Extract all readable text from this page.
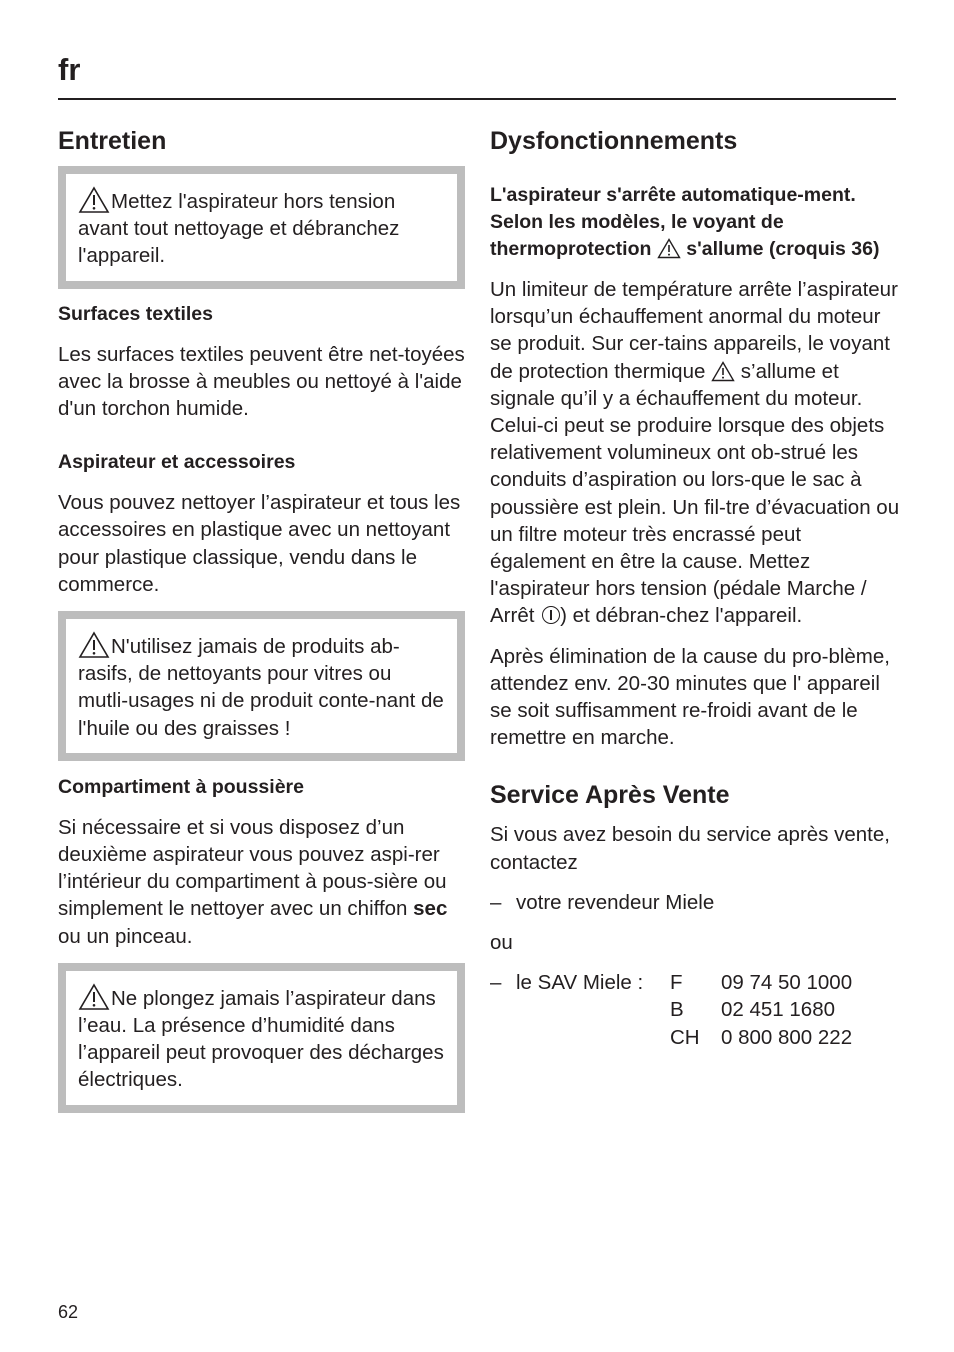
fr
Entretien

Mettez l'aspirateur hors tension avant tout nettoyage et débranchez l'appareil.

Surfaces textiles

Les surfaces textiles peuvent être net-toyées avec la brosse à meubles ou nettoyé à l'aide d'un torchon humide.

Aspirateur et accessoires

Vous pouvez nettoyer l’aspirateur et tous les accessoires en plastique avec un nettoyant pour plastique classique, vendu dans le commerce.

N'utilisez jamais de produits ab-rasifs, de nettoyants pour vitres ou mutli-usages ni de produit conte-nant de l'huile ou des graisses !

Compartiment à poussière

Si nécessaire et si vous disposez d’un deuxième aspirateur vous pouvez aspi-rer l’intérieur du compartiment à pous-sière ou simplement le nettoyer avec un chiffon sec ou un pinceau.

Ne plongez jamais l’aspirateur dans l’eau. La présence d’humidité dans l’appareil peut provoquer des décharges électriques.

Dysfonctionnements
L'aspirateur s'arrête automatique-ment.
Selon les modèles, le voyant de thermoprotection s'allume (croquis 36)

Un limiteur de température arrête l’aspirateur lorsqu’un échauffement anormal du moteur se produit. Sur cer-tains appareils, le voyant de protection thermique s’allume et signale qu’il y a échauffement du moteur.
Celui-ci peut se produire lorsque des objets relativement volumineux ont ob-strué les conduits d’aspiration ou lors-que le sac à poussière est plein. Un fil-tre d’évacuation ou un filtre moteur très encrassé peut également en être la cause. Mettez l'aspirateur hors tension (pédale Marche / Arrêt ) et débran-chez l'appareil.

Après élimination de la cause du pro-blème, attendez env. 20-30 minutes que l' appareil se soit suffisamment re-froidi avant de le remettre en marche.

Service Après Vente

Si vous avez besoin du service après vente, contactez

– votre revendeur Miele

ou

– le SAV Miele : F 09 74 50 1000
B 02 451 1680
CH 0 800 800 222
62
